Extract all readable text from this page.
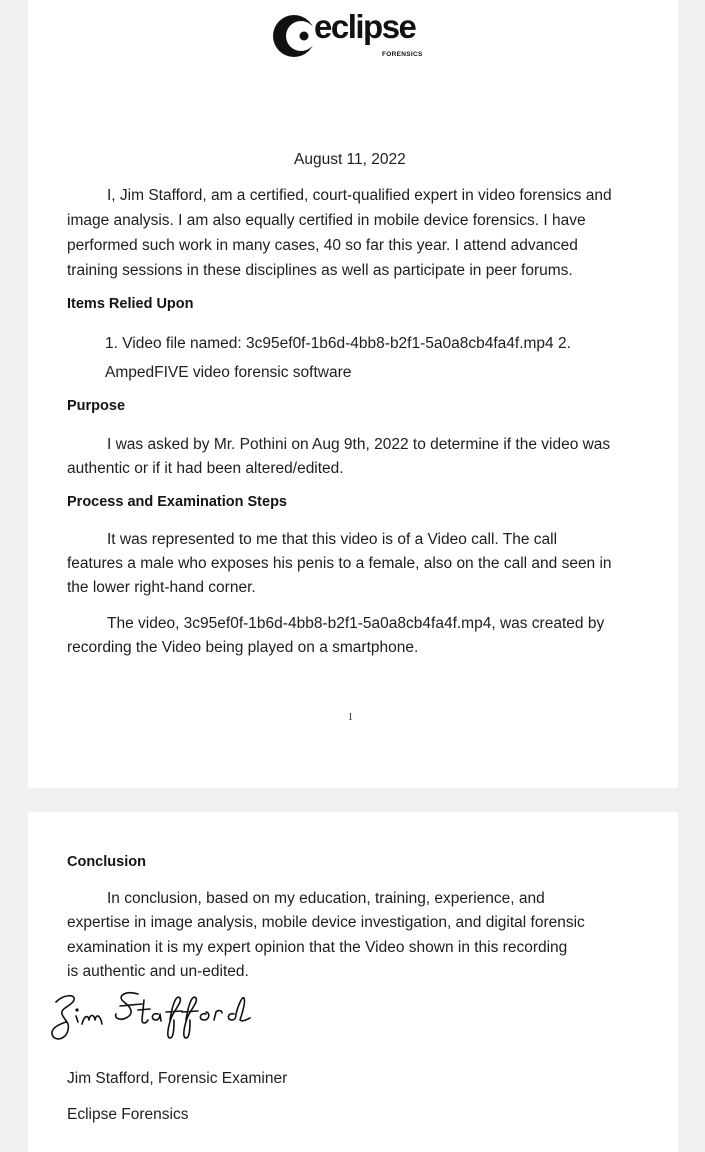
eclipse
FORENSICS
August 11, 2022
I, Jim Stafford, am a certified, court-qualified expert in video forensics and
image analysis. I am also equally certified in mobile device forensics. I have
performed such work in many cases, 40 so far this year. I attend advanced
training sessions in these disciplines as well as participate in peer forums.
Items Relied Upon
1. Video file named: 3c95ef0f-1b6d-4bb8-b2f1-5a0a8cb4fa4f.mp4 2.
AmpedFIVE video forensic software
Purpose
I was asked by Mr. Pothini on Aug 9th, 2022 to determine if the video was
authentic or if it had been altered/edited.
Process and Examination Steps
It was represented to me that this video is of a Video call. The call
features a male who exposes his penis to a female, also on the call and seen in
the lower right-hand corner.
The video, 3c95ef0f-1b6d-4bb8-b2f1-5a0a8cb4fa4f.mp4, was created by
recording the Video being played on a smartphone.
1
Conclusion
In conclusion, based on my education, training, experience, and
expertise in image analysis, mobile device investigation, and digital forensic
examination it is my expert opinion that the Video shown in this recording
is authentic and un-edited.
Jim Stafford, Forensic Examiner
Eclipse Forensics
